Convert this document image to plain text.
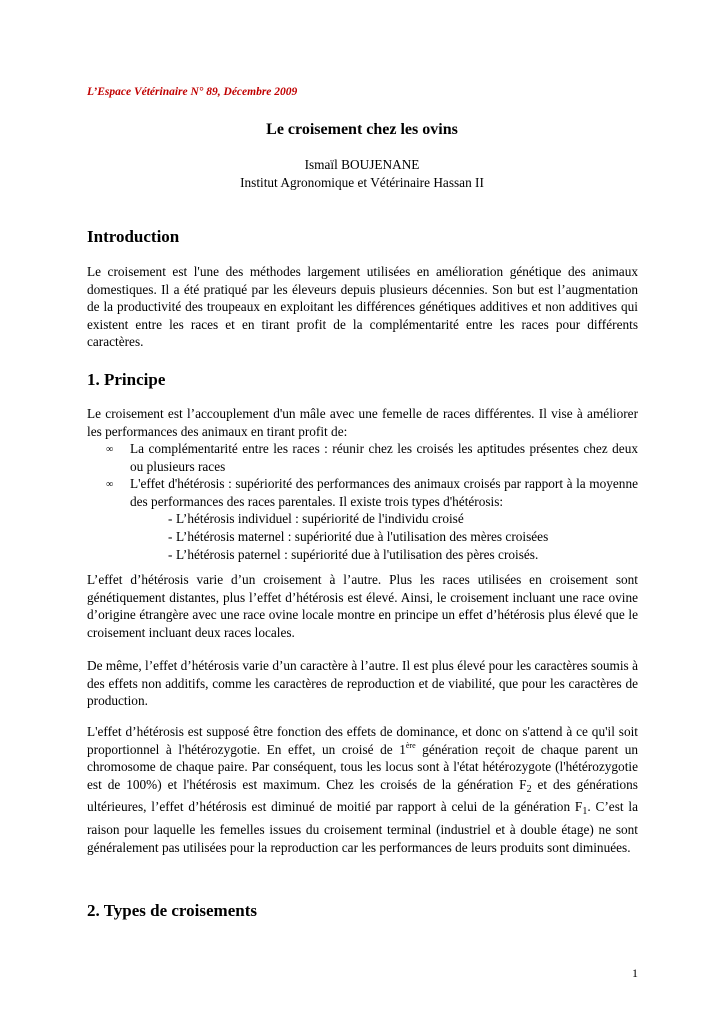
L’Espace Vétérinaire N° 89, Décembre 2009
Le croisement chez les ovins
Ismaïl BOUJENANE
Institut Agronomique et Vétérinaire Hassan II
Introduction

Le croisement est l'une des méthodes largement utilisées en amélioration génétique des animaux domestiques. Il a été pratiqué par les éleveurs depuis plusieurs décennies. Son but est l’augmentation de la productivité des troupeaux en exploitant les différences génétiques additives et non additives qui existent entre les races et en tirant profit de la complémentarité entre les races pour différents caractères.

1. Principe

Le croisement est l’accouplement d'un mâle avec une femelle de races différentes. Il vise à améliorer les performances des animaux en tirant profit de:

∞ La complémentarité entre les races : réunir chez les croisés les aptitudes présentes chez deux ou plusieurs races
∞ L'effet d'hétérosis : supériorité des performances des animaux croisés par rapport à la moyenne des performances des races parentales. Il existe trois types d'hétérosis:
- L’hétérosis individuel : supériorité de l'individu croisé
- L’hétérosis maternel : supériorité due à l'utilisation des mères croisées
- L’hétérosis paternel : supériorité due à l'utilisation des pères croisés.

L’effet d’hétérosis varie d’un croisement à l’autre. Plus les races utilisées en croisement sont génétiquement distantes, plus l’effet d’hétérosis est élevé. Ainsi, le croisement incluant une race ovine d’origine étrangère avec une race ovine locale montre en principe un effet d’hétérosis plus élevé que le croisement incluant deux races locales.

De même, l’effet d’hétérosis varie d’un caractère à l’autre. Il est plus élevé pour les caractères soumis à des effets non additifs, comme les caractères de reproduction et de viabilité, que pour les caractères de production.

L'effet d’hétérosis est supposé être fonction des effets de dominance, et donc on s'attend à ce qu'il soit proportionnel à l'hétérozygotie. En effet, un croisé de 1ère génération reçoit de chaque parent un chromosome de chaque paire. Par conséquent, tous les locus sont à l'état hétérozygote (l'hétérozygotie est de 100%) et l'hétérosis est maximum. Chez les croisés de la génération $F_2$ et des générations ultérieures, l’effet d’hétérosis est diminué de moitié par rapport à celui de la génération $F_1$. C’est la raison pour laquelle les femelles issues du croisement terminal (industriel et à double étage) ne sont généralement pas utilisées pour la reproduction car les performances de leurs produits sont diminuées.

2. Types de croisements
1
